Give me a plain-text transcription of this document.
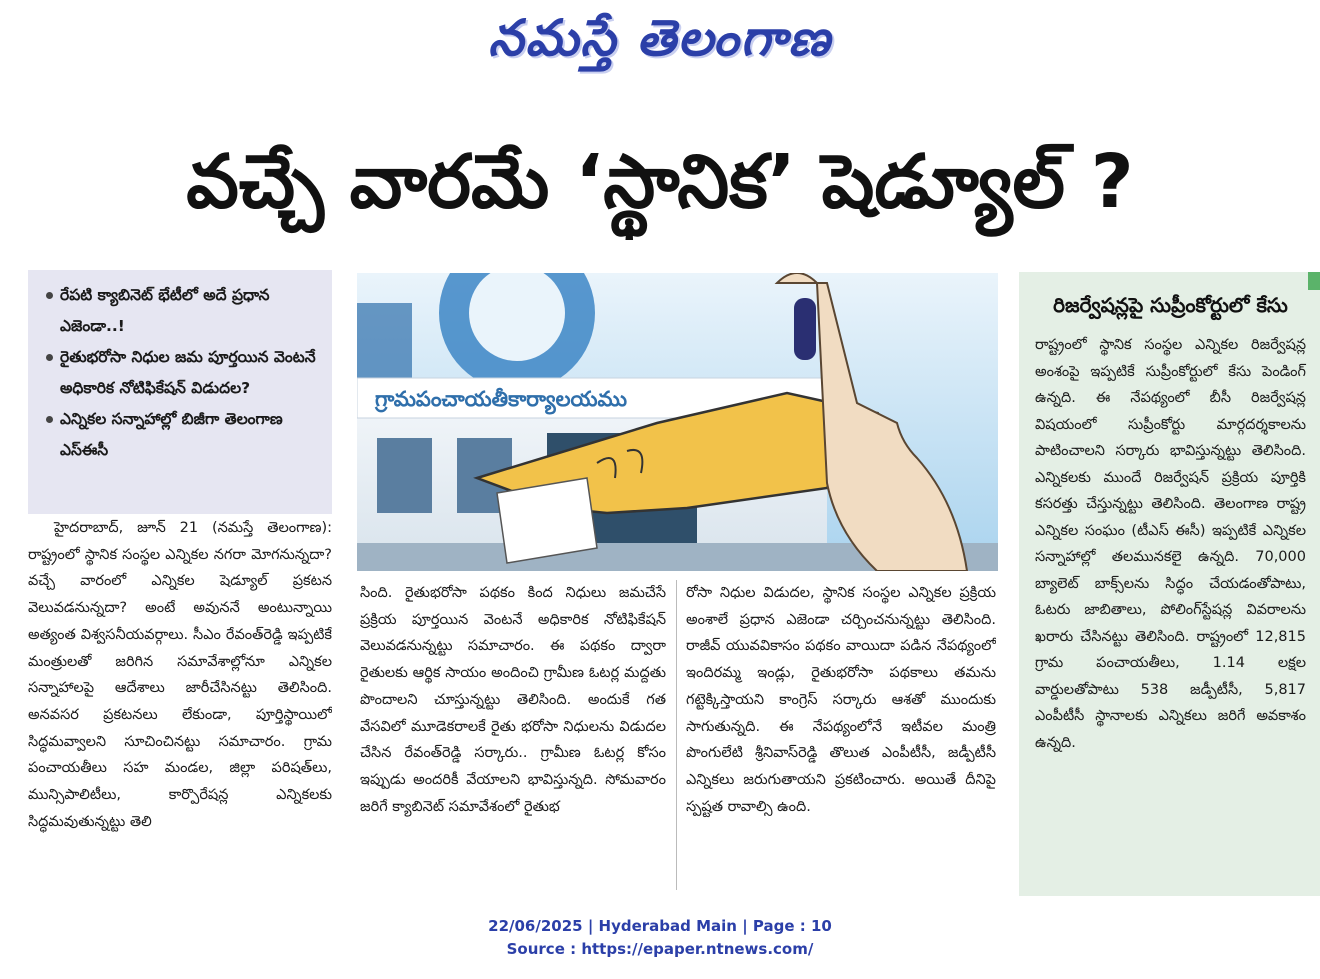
నమస్తే తెలంగాణ
వచ్చే వారమే ‘స్థానిక’ షెడ్యూల్‌ ?
రేపటి క్యాబినెట్‌ భేటీలో అదే ప్రధాన ఎజెండా..!
రైతుభరోసా నిధుల జమ పూర్తయిన వెంటనే అధికారిక నోటిఫికేషన్‌ విడుదల?
ఎన్నికల సన్నాహాల్లో బిజీగా తెలంగాణ ఎస్‌ఈసీ
గ్రామపంచాయతీకార్యాలయము

హైదరాబాద్‌, జూన్‌ 21 (నమస్తే తెలంగాణ): రాష్ట్రంలో స్థానిక సంస్థల ఎన్నికల నగరా మోగనున్నదా? వచ్చే వారంలో ఎన్నికల షెడ్యూల్‌ ప్రకటన వెలువడనున్నదా? అంటే అవుననే అంటున్నాయి అత్యంత విశ్వసనీయవర్గాలు. సీఎం రేవంత్‌రెడ్డి ఇప్పటికే మంత్రులతో జరిగిన సమావేశాల్లోనూ ఎన్నికల సన్నాహాలపై ఆదేశాలు జారీచేసినట్టు తెలిసింది. అనవసర ప్రకటనలు లేకుండా, పూర్తిస్థాయిలో సిద్ధమవ్వాలని సూచించినట్టు సమాచారం. గ్రామ పంచాయతీలు సహ మండల, జిల్లా పరిషత్‌లు, మున్సిపాలిటీలు, కార్పొరేషన్ల ఎన్నికలకు సిద్ధమవుతున్నట్టు తెలి

సింది. రైతుభరోసా పథకం కింద నిధులు జమచేసే ప్రక్రియ పూర్తయిన వెంటనే అధికారిక నోటిఫికేషన్‌ వెలువడనున్నట్టు సమాచారం. ఈ పథకం ద్వారా రైతులకు ఆర్థిక సాయం అందించి గ్రామీణ ఓటర్ల మద్దతు పొందాలని చూస్తున్నట్టు తెలిసింది. అందుకే గత వేసవిలో మూడెకరాలకే రైతు భరోసా నిధులను విడుదల చేసిన రేవంత్‌రెడ్డి సర్కారు.. గ్రామీణ ఓటర్ల కోసం ఇప్పుడు అందరికీ వేయాలని భావిస్తున్నది. సోమవారం జరిగే క్యాబినెట్‌ సమావేశంలో రైతుభ

రోసా నిధుల విడుదల, స్థానిక సంస్థల ఎన్నికల ప్రక్రియ అంశాలే ప్రధాన ఎజెండా చర్చించనున్నట్టు తెలిసింది. రాజీవ్‌ యువవికాసం పథకం వాయిదా పడిన నేపథ్యంలో ఇందిరమ్మ ఇండ్లు, రైతుభరోసా పథకాలు తమను గట్టెక్కిస్తాయని కాంగ్రెస్‌ సర్కారు ఆశతో ముందుకు సాగుతున్నది. ఈ నేపథ్యంలోనే ఇటీవల మంత్రి పొంగులేటి శ్రీనివాస్‌రెడ్డి తొలుత ఎంపీటీసీ, జడ్పీటీసీ ఎన్నికలు జరుగుతాయని ప్రకటించారు. అయితే దీనిపై స్పష్టత రావాల్సి ఉంది.

రిజర్వేషన్లపై సుప్రీంకోర్టులో కేసు

రాష్ట్రంలో స్థానిక సంస్థల ఎన్నికల రిజర్వేషన్ల అంశంపై ఇప్పటికే సుప్రీంకోర్టులో కేసు పెండింగ్‌ ఉన్నది. ఈ నేపథ్యంలో బీసీ రిజర్వేషన్ల విషయంలో సుప్రీంకోర్టు మార్గదర్శకాలను పాటించాలని సర్కారు భావిస్తున్నట్టు తెలిసింది. ఎన్నికలకు ముందే రిజర్వేషన్‌ ప్రక్రియ పూర్తికి కసరత్తు చేస్తున్నట్టు తెలిసింది. తెలంగాణ రాష్ట్ర ఎన్నికల సంఘం (టీఎస్‌ ఈసీ) ఇప్పటికే ఎన్నికల సన్నాహాల్లో తలమునకలై ఉన్నది. 70,000 బ్యాలెట్‌ బాక్స్‌లను సిద్ధం చేయడంతోపాటు, ఓటరు జాబితాలు, పోలింగ్‌స్టేషన్ల వివరాలను ఖరారు చేసినట్టు తెలిసింది. రాష్ట్రంలో 12,815 గ్రామ పంచాయతీలు, 1.14 లక్షల వార్డులతోపాటు 538 జడ్పీటీసీ, 5,817 ఎంపీటీసీ స్థానాలకు ఎన్నికలు జరిగే అవకాశం ఉన్నది.

22/06/2025 | Hyderabad Main | Page : 10
Source : https://epaper.ntnews.com/
